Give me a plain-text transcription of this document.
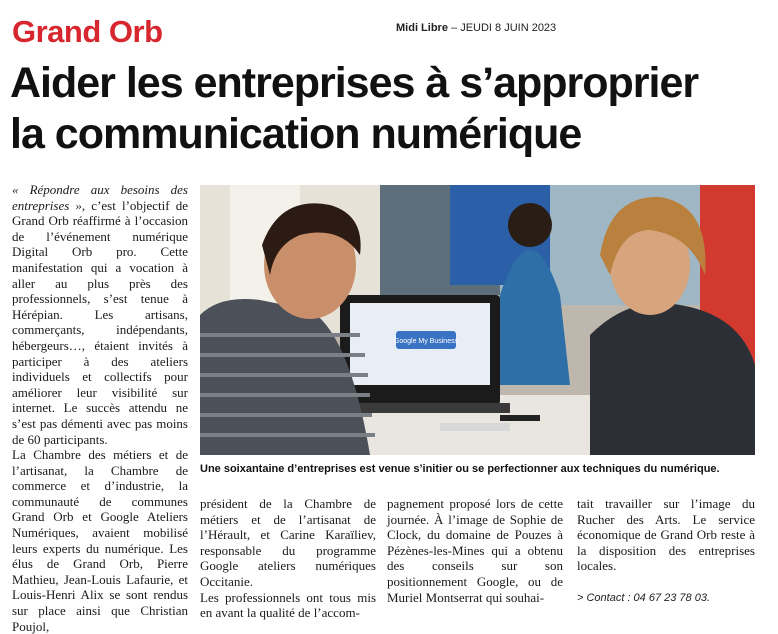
Grand Orb	Midi Libre – JEUDI 8 JUIN 2023
Aider les entreprises à s’approprier
la communication numérique

« Répondre aux besoins des entreprises », c’est l’objectif de Grand Orb réaffirmé à l’occasion de l’événement numérique Digital Orb pro. Cette manifestation qui a vocation à aller au plus près des professionnels, s’est tenue à Hérépian. Les artisans, commerçants, indépendants, hébergeurs…, étaient invités à participer à des ateliers individuels et collectifs pour améliorer leur visibilité sur internet. Le succès attendu ne s’est pas démenti avec pas moins de 60 participants.

La Chambre des métiers et de l’artisanat, la Chambre de commerce et d’industrie, la communauté de communes Grand Orb et Google Ateliers Numériques, avaient mobilisé leurs experts du numérique. Les élus de Grand Orb, Pierre Mathieu, Jean-Louis Lafaurie, et Louis-Henri Alix se sont rendus sur place ainsi que Christian Poujol,

Google My Business
Une soixantaine d’entreprises est venue s’initier ou se perfectionner aux techniques du numérique.

président de la Chambre de métiers et de l’artisanat de l’Hérault, et Carine Karaïliev, responsable du programme Google ateliers numériques Occitanie.

Les professionnels ont tous mis en avant la qualité de l’accom-

pagnement proposé lors de cette journée. À l’image de Sophie de Clock, du domaine de Pouzes à Pézènes-les-Mines qui a obtenu des conseils sur son positionnement Google, ou de Muriel Montserrat qui souhai-

tait travailler sur l’image du Rucher des Arts. Le service économique de Grand Orb reste à la disposition des entreprises locales.

> Contact : 04 67 23 78 03.
